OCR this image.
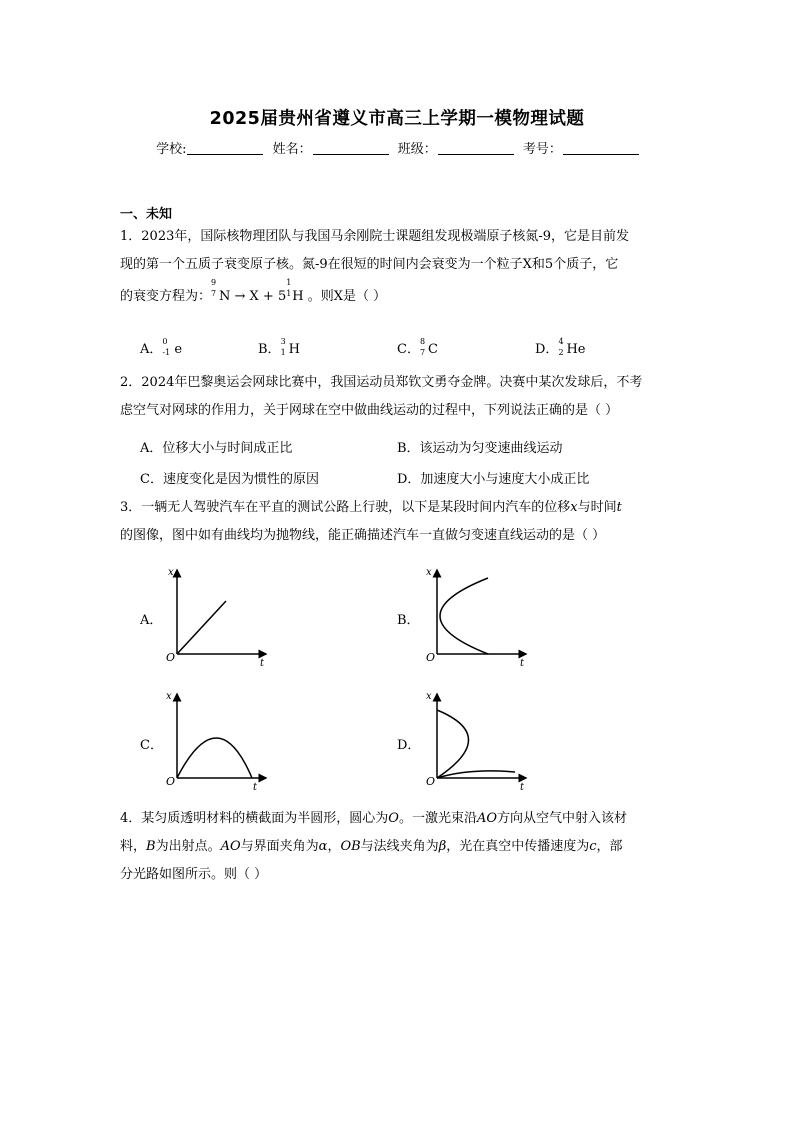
2025届贵州省遵义市高三上学期一模物理试题
学校:	姓名：	班级：	考号：
一、未知
1．2023年，国际核物理团队与我国马余刚院士课题组发现极端原子核氮-9，它是目前发
现的第一个五质子衰变原子核。氮-9在很短的时间内会衰变为一个粒子X和5个质子，它
的衰变方程为：
9
7 N → X + 5
1
1 H 。则X是（ ）
A．
0
-1 e	B．
3
1 H	C．
8
7 C	D．
4
2 He
2．2024年巴黎奥运会网球比赛中，我国运动员郑钦文勇夺金牌。决赛中某次发球后，不考
虑空气对网球的作用力，关于网球在空中做曲线运动的过程中，下列说法正确的是（ ）
A．位移大小与时间成正比	B．该运动为匀变速曲线运动
C．速度变化是因为惯性的原因	D．加速度大小与速度大小成正比
3．一辆无人驾驶汽车在平直的测试公路上行驶，以下是某段时间内汽车的位移x与时间t
的图像，图中如有曲线均为抛物线，能正确描述汽车一直做匀变速直线运动的是（ ）
A．
x
t
O
B．
x
t
O
C．
x
t
O
D．
x
t
O
4．某匀质透明材料的横截面为半圆形，圆心为O。一激光束沿AO方向从空气中射入该材
料，B为出射点。AO与界面夹角为α，OB与法线夹角为β，光在真空中传播速度为c，部
分光路如图所示。则（ ）
